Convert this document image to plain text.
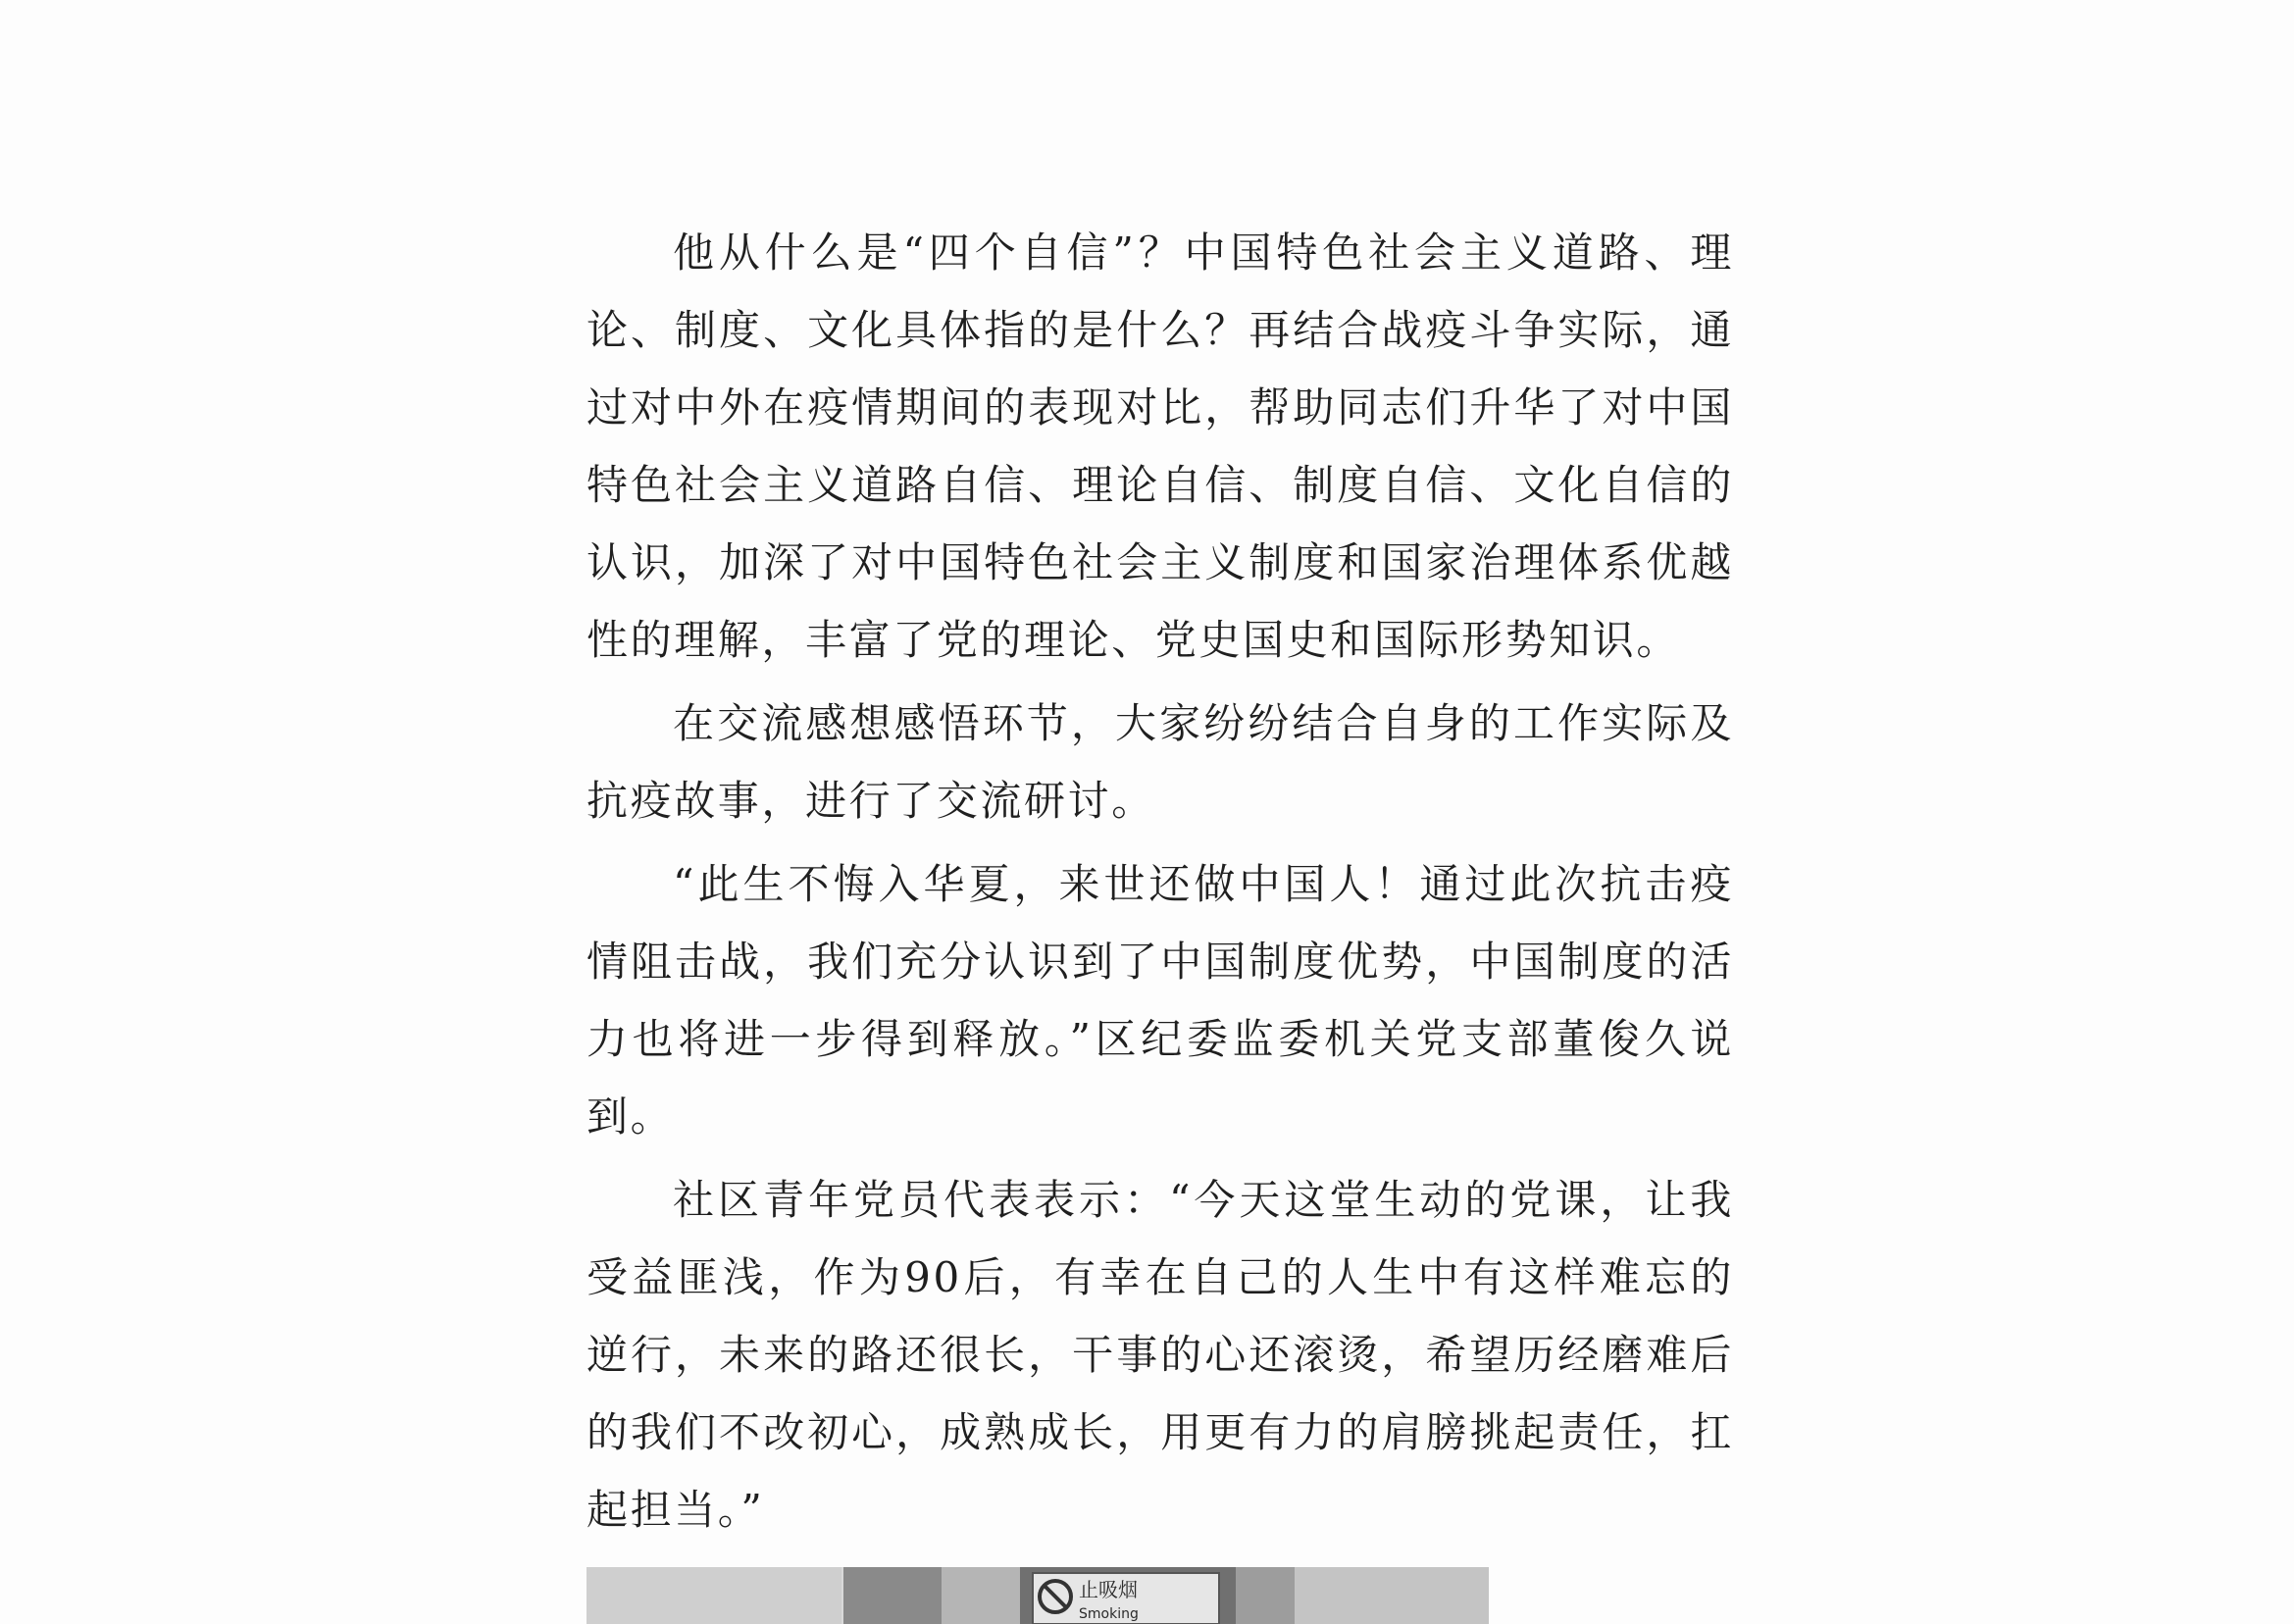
他从什么是“四个自信”？中国特色社会主义道路、理论、制度、文化具体指的是什么？再结合战疫斗争实际，通过对中外在疫情期间的表现对比，帮助同志们升华了对中国特色社会主义道路自信、理论自信、制度自信、文化自信的认识，加深了对中国特色社会主义制度和国家治理体系优越性的理解，丰富了党的理论、党史国史和国际形势知识。

在交流感想感悟环节，大家纷纷结合自身的工作实际及抗疫故事，进行了交流研讨。

“此生不悔入华夏，来世还做中国人！通过此次抗击疫情阻击战，我们充分认识到了中国制度优势，中国制度的活力也将进一步得到释放。”区纪委监委机关党支部董俊久说到。

社区青年党员代表表示：“今天这堂生动的党课，让我受益匪浅，作为90后，有幸在自己的人生中有这样难忘的逆行，未来的路还很长，干事的心还滚烫，希望历经磨难后的我们不改初心，成熟成长，用更有力的肩膀挑起责任，扛起担当。”

止吸烟
Smoking
